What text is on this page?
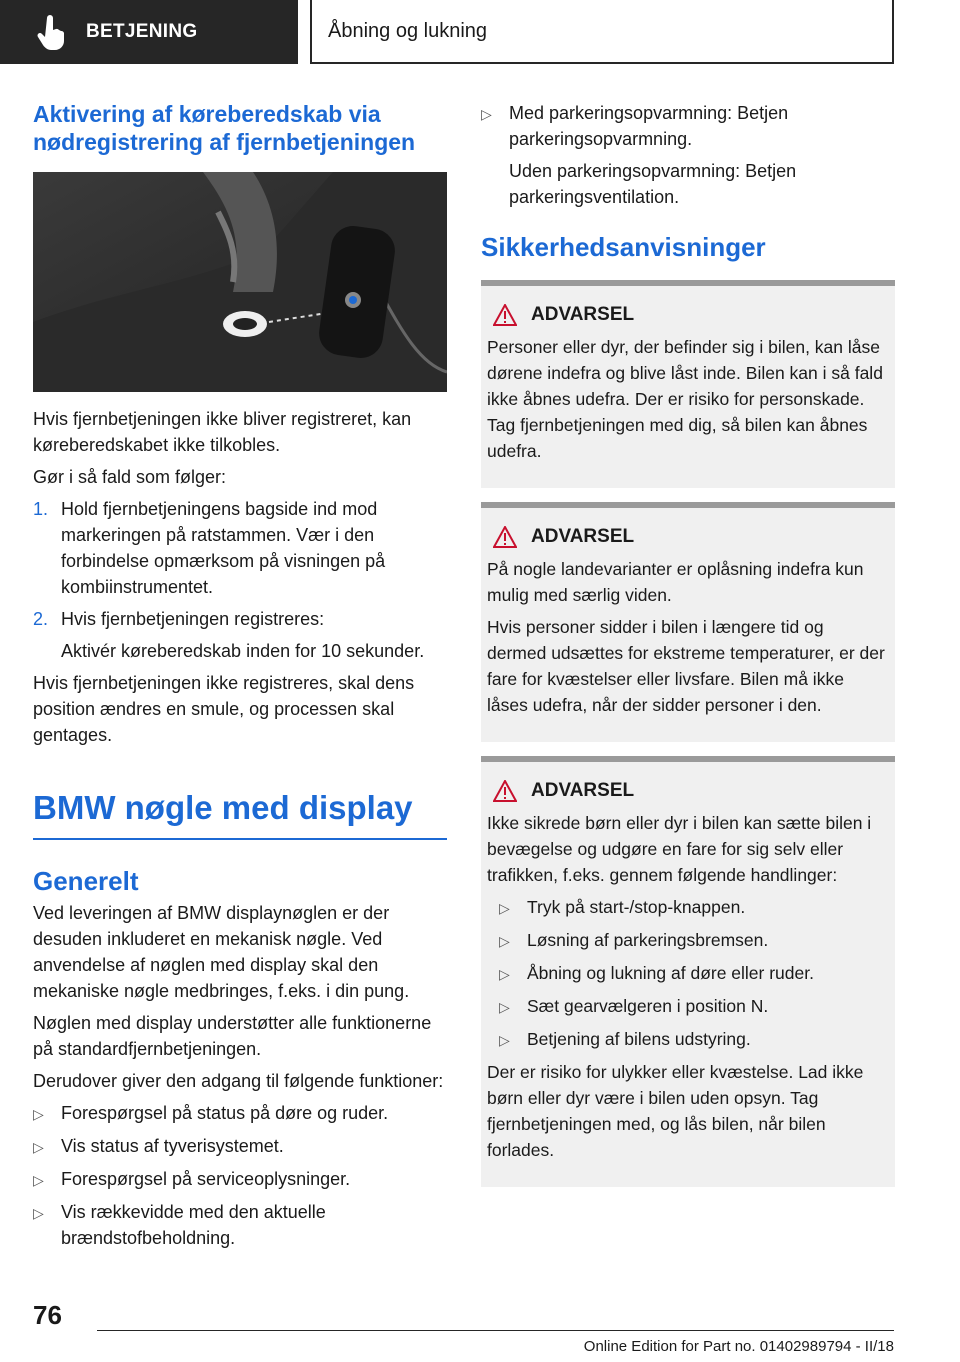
BETJENING	Åbning og lukning
Aktivering af køreberedskab via nødregistrering af fjernbetjeningen

Hvis fjernbetjeningen ikke bliver registreret, kan køreberedskabet ikke tilkobles.

Gør i så fald som følger:

1. Hold fjernbetjeningens bagside ind mod markeringen på ratstammen. Vær i den forbindelse opmærksom på visningen på kombiinstrumentet.
2. Hvis fjernbetjeningen registreres:

Aktivér køreberedskab inden for 10 sekunder.

Hvis fjernbetjeningen ikke registreres, skal dens position ændres en smule, og processen skal gentages.

BMW nøgle med display
Generelt

Ved leveringen af BMW displaynøglen er der desuden inkluderet en mekanisk nøgle. Ved anvendelse af nøglen med display skal den mekaniske nøgle medbringes, f.eks. i din pung.

Nøglen med display understøtter alle funktionerne på standardfjernbetjeningen.

Derudover giver den adgang til følgende funktioner:

▷ Forespørgsel på status på døre og ruder.
▷ Vis status af tyverisystemet.
▷ Forespørgsel på serviceoplysninger.
▷ Vis rækkevidde med den aktuelle brændstofbeholdning.
▷ Med parkeringsopvarmning: Betjen parkeringsopvarmning.

Uden parkeringsopvarmning: Betjen parkeringsventilation.

Sikkerhedsanvisninger
ADVARSEL

Personer eller dyr, der befinder sig i bilen, kan låse dørene indefra og blive låst inde. Bilen kan i så fald ikke åbnes udefra. Der er risiko for personskade. Tag fjernbetjeningen med dig, så bilen kan åbnes udefra.

ADVARSEL

På nogle landevarianter er oplåsning indefra kun mulig med særlig viden.

Hvis personer sidder i bilen i længere tid og dermed udsættes for ekstreme temperaturer, er der fare for kvæstelser eller livsfare. Bilen må ikke låses udefra, når der sidder personer i den.

ADVARSEL

Ikke sikrede børn eller dyr i bilen kan sætte bilen i bevægelse og udgøre en fare for sig selv eller trafikken, f.eks. gennem følgende handlinger:

▷ Tryk på start-/stop-knappen.
▷ Løsning af parkeringsbremsen.
▷ Åbning og lukning af døre eller ruder.
▷ Sæt gearvælgeren i position N.
▷ Betjening af bilens udstyring.

Der er risiko for ulykker eller kvæstelse. Lad ikke børn eller dyr være i bilen uden opsyn. Tag fjernbetjeningen med, og lås bilen, når bilen forlades.

76
Online Edition for Part no. 01402989794 - II/18
